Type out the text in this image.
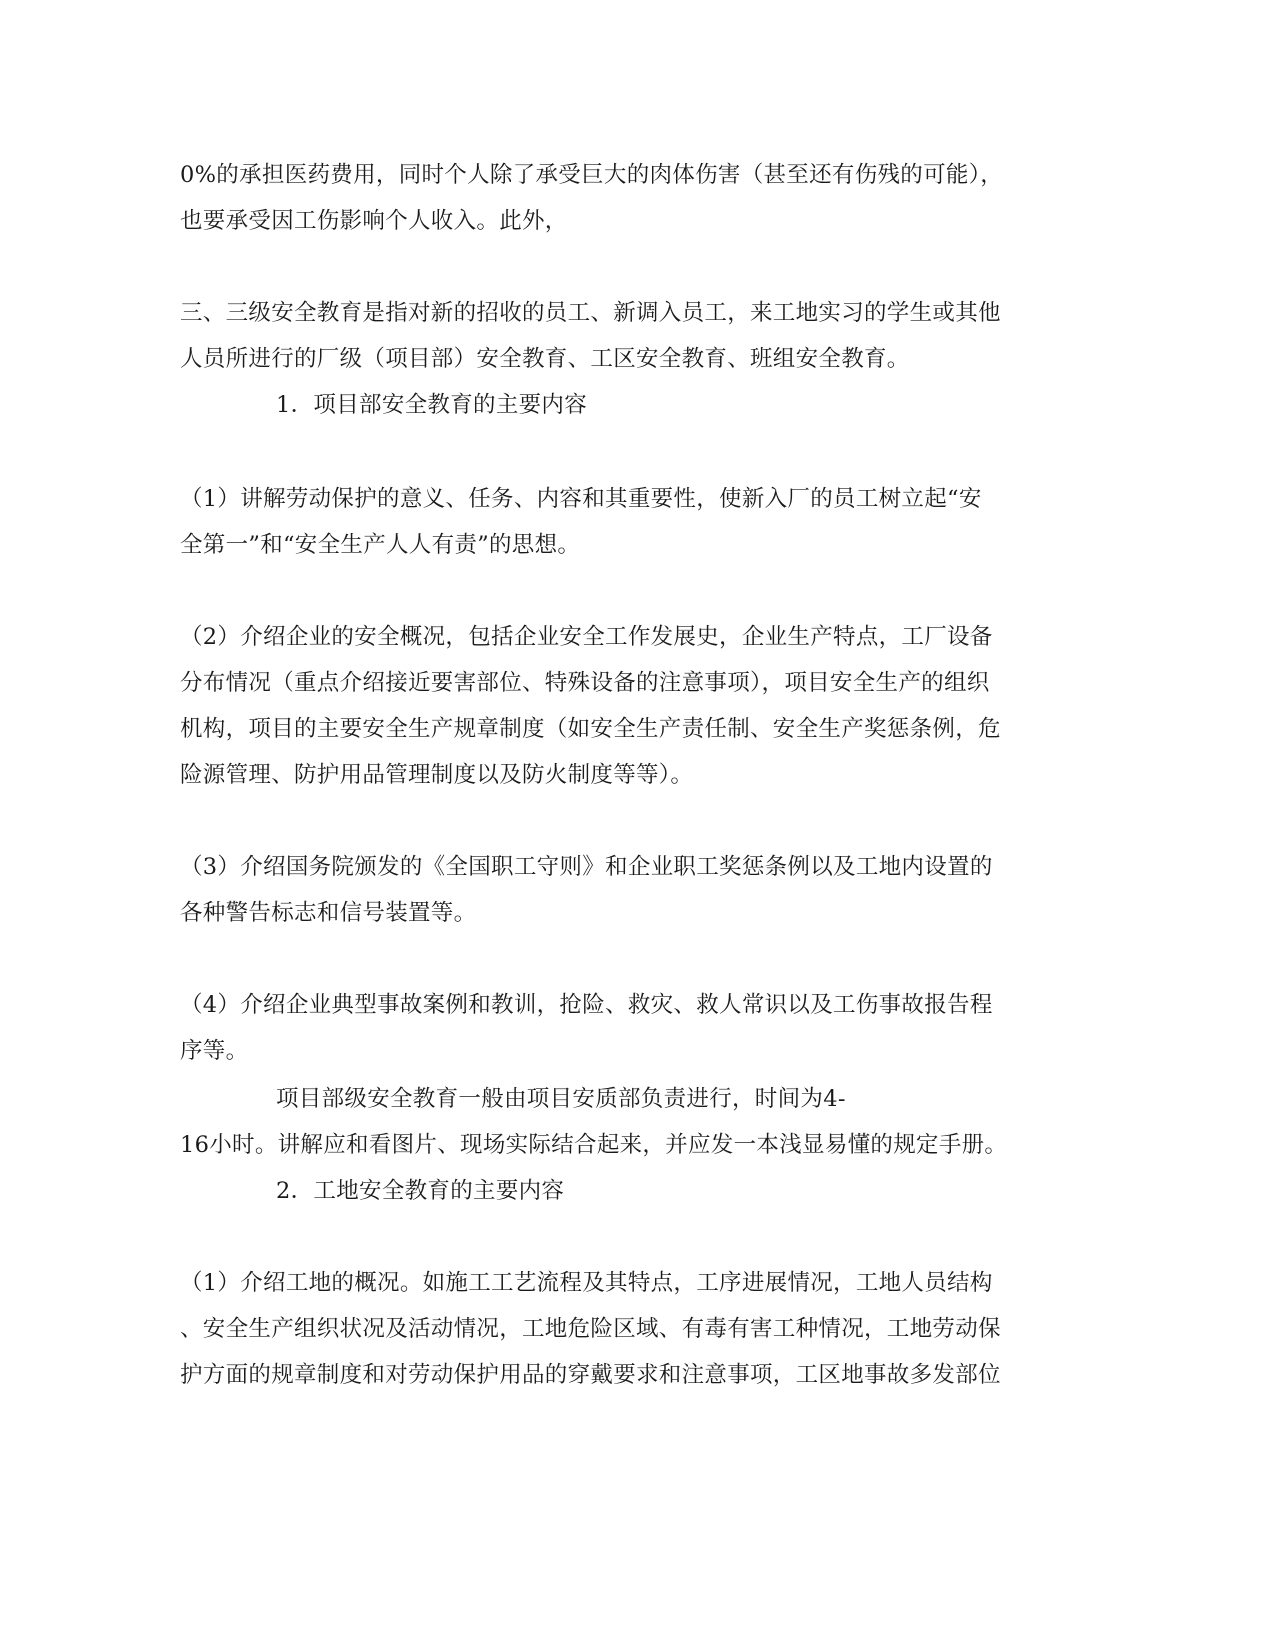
0%的承担医药费用，同时个人除了承受巨大的肉体伤害（甚至还有伤残的可能），
也要承受因工伤影响个人收入。此外，
三、三级安全教育是指对新的招收的员工、新调入员工，来工地实习的学生或其他
人员所进行的厂级（项目部）安全教育、工区安全教育、班组安全教育。
1．项目部安全教育的主要内容
（1）讲解劳动保护的意义、任务、内容和其重要性，使新入厂的员工树立起“安
全第一”和“安全生产人人有责”的思想。
（2）介绍企业的安全概况，包括企业安全工作发展史，企业生产特点，工厂设备
分布情况（重点介绍接近要害部位、特殊设备的注意事项），项目安全生产的组织
机构，项目的主要安全生产规章制度（如安全生产责任制、安全生产奖惩条例，危
险源管理、防护用品管理制度以及防火制度等等）。
（3）介绍国务院颁发的《全国职工守则》和企业职工奖惩条例以及工地内设置的
各种警告标志和信号装置等。
（4）介绍企业典型事故案例和教训，抢险、救灾、救人常识以及工伤事故报告程
序等。
项目部级安全教育一般由项目安质部负责进行，时间为4-
16小时。讲解应和看图片、现场实际结合起来，并应发一本浅显易懂的规定手册。
2．工地安全教育的主要内容
（1）介绍工地的概况。如施工工艺流程及其特点，工序进展情况，工地人员结构
、安全生产组织状况及活动情况，工地危险区域、有毒有害工种情况，工地劳动保
护方面的规章制度和对劳动保护用品的穿戴要求和注意事项，工区地事故多发部位
